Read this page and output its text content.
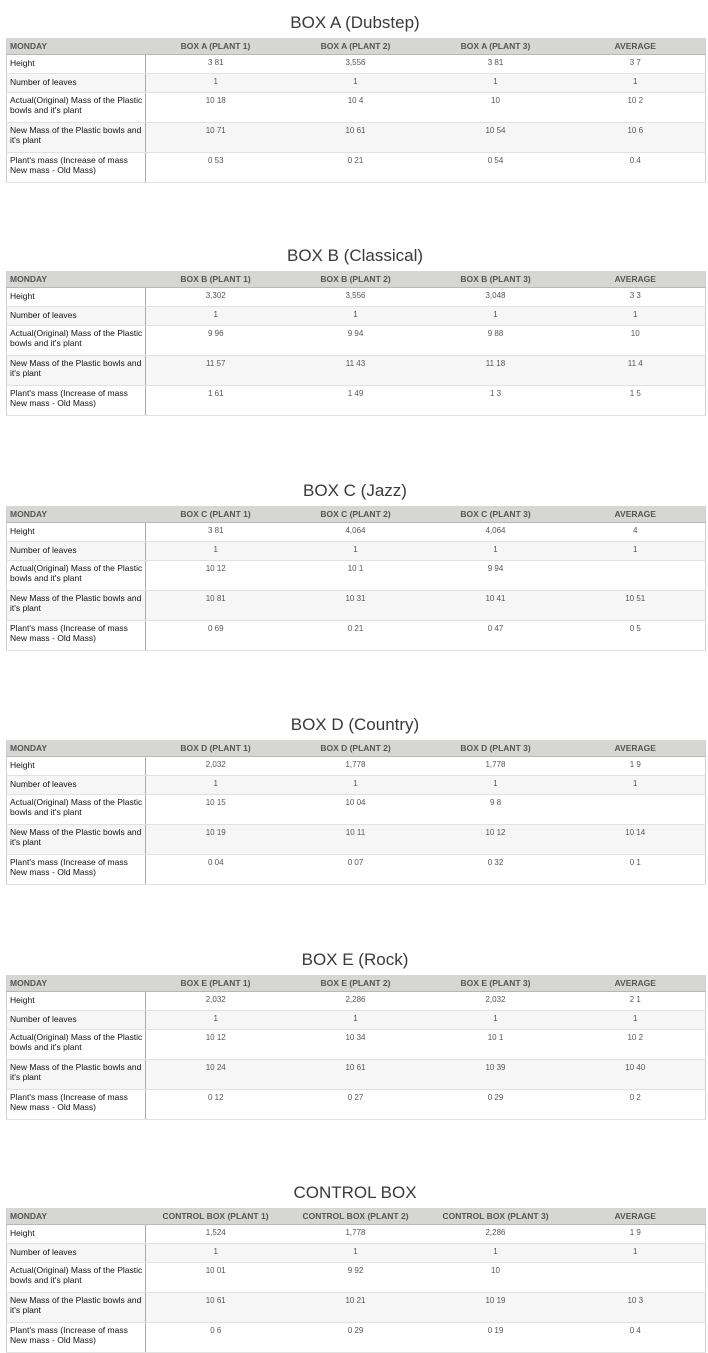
BOX A (Dubstep)
MONDAY	BOX A (PLANT 1)	BOX A (PLANT 2)	BOX A (PLANT 3)	AVERAGE
Height	3 81	3,556	3 81	3 7
Number of leaves	1	1	1	1
Actual(Original) Mass of the Plastic bowls and it's plant	10 18	10 4	10	10 2
New Mass of the Plastic bowls and it's plant	10 71	10 61	10 54	10 6
Plant's mass (Increase of mass New mass - Old Mass)	0 53	0 21	0 54	0.4
BOX B (Classical)
MONDAY	BOX B (PLANT 1)	BOX B (PLANT 2)	BOX B (PLANT 3)	AVERAGE
Height	3,302	3,556	3,048	3 3
Number of leaves	1	1	1	1
Actual(Original) Mass of the Plastic bowls and it's plant	9 96	9 94	9 88	10
New Mass of the Plastic bowls and it's plant	11 57	11 43	11 18	11 4
Plant's mass (Increase of mass New mass - Old Mass)	1 61	1 49	1 3	1 5
BOX C (Jazz)
MONDAY	BOX C (PLANT 1)	BOX C (PLANT 2)	BOX C (PLANT 3)	AVERAGE
Height	3 81	4,064	4,064	4
Number of leaves	1	1	1	1
Actual(Original) Mass of the Plastic bowls and it's plant	10 12	10 1	9 94	
New Mass of the Plastic bowls and it's plant	10 81	10 31	10 41	10 51
Plant's mass (Increase of mass New mass - Old Mass)	0 69	0 21	0 47	0 5
BOX D (Country)
MONDAY	BOX D (PLANT 1)	BOX D (PLANT 2)	BOX D (PLANT 3)	AVERAGE
Height	2,032	1,778	1,778	1 9
Number of leaves	1	1	1	1
Actual(Original) Mass of the Plastic bowls and it's plant	10 15	10 04	9 8	
New Mass of the Plastic bowls and it's plant	10 19	10 11	10 12	10 14
Plant's mass (Increase of mass New mass - Old Mass)	0 04	0 07	0 32	0 1
BOX E (Rock)
MONDAY	BOX E (PLANT 1)	BOX E (PLANT 2)	BOX E (PLANT 3)	AVERAGE
Height	2,032	2,286	2,032	2 1
Number of leaves	1	1	1	1
Actual(Original) Mass of the Plastic bowls and it's plant	10 12	10 34	10 1	10 2
New Mass of the Plastic bowls and it's plant	10 24	10 61	10 39	10 40
Plant's mass (Increase of mass New mass - Old Mass)	0 12	0 27	0 29	0 2
CONTROL BOX
MONDAY	CONTROL BOX (PLANT 1)	CONTROL BOX (PLANT 2)	CONTROL BOX (PLANT 3)	AVERAGE
Height	1,524	1,778	2,286	1 9
Number of leaves	1	1	1	1
Actual(Original) Mass of the Plastic bowls and it's plant	10 01	9 92	10	
New Mass of the Plastic bowls and it's plant	10 61	10 21	10 19	10 3
Plant's mass (Increase of mass New mass - Old Mass)	0 6	0 29	0 19	0 4
